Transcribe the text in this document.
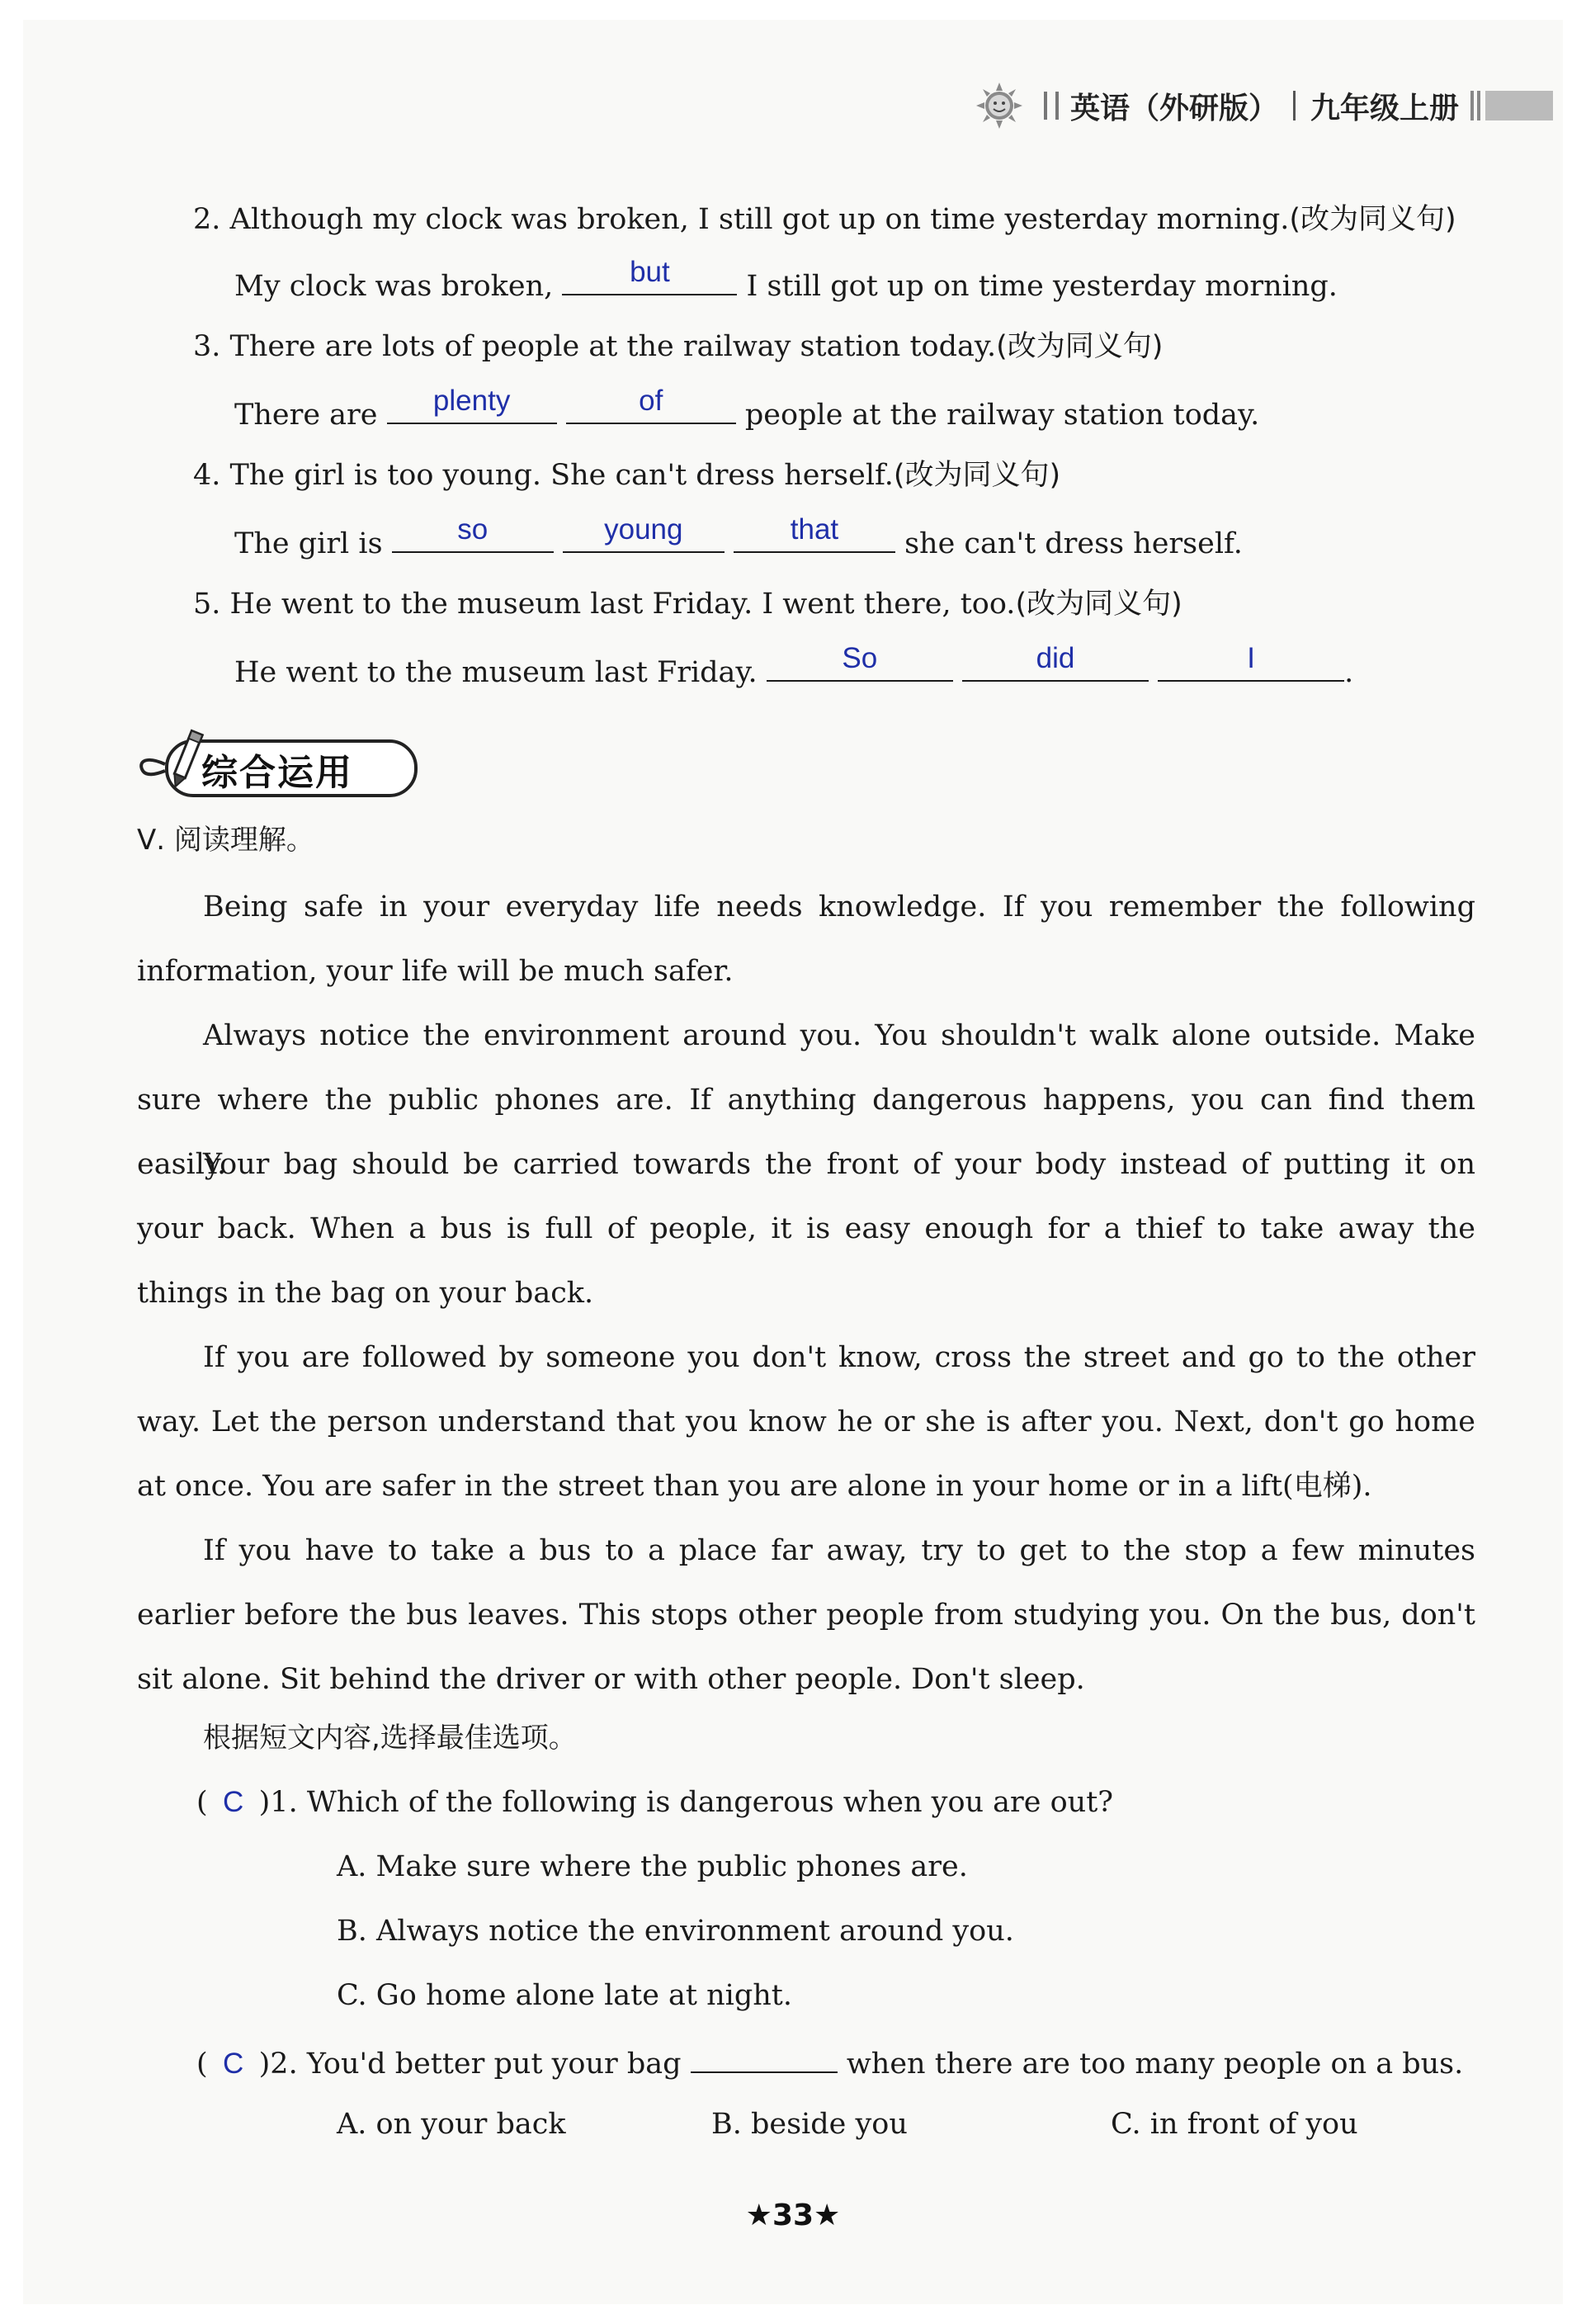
英语（外研版） 九年级上册
2. Although my clock was broken, I still got up on time yesterday morning.(改为同义句)
My clock was broken,	but	I still got up on time yesterday morning.
3. There are lots of people at the railway station today.(改为同义句)
There are	plenty
	of	people at the railway station today.
4. The girl is too young. She can't dress herself.(改为同义句)
The girl is	so
	young
	that	she can't dress herself.
5. He went to the museum last Friday. I went there, too.(改为同义句)
He went to the museum last Friday.	So
	did
	I	.
综合运用
Ⅴ. 阅读理解。
Being safe in your everyday life needs knowledge. If you remember the following information, your life will be much safer.
Always notice the environment around you. You shouldn't walk alone outside. Make sure where the public phones are. If anything dangerous happens, you can find them easily.
Your bag should be carried towards the front of your body instead of putting it on your back. When a bus is full of people, it is easy enough for a thief to take away the things in the bag on your back.
If you are followed by someone you don't know, cross the street and go to the other way. Let the person understand that you know he or she is after you. Next, don't go home at once. You are safer in the street than you are alone in your home or in a lift(电梯).
If you have to take a bus to a place far away, try to get to the stop a few minutes earlier before the bus leaves. This stops other people from studying you. On the bus, don't sit alone. Sit behind the driver or with other people. Don't sleep.
根据短文内容,选择最佳选项。
( C )1. Which of the following is dangerous when you are out?
A. Make sure where the public phones are.
B. Always notice the environment around you.
C. Go home alone late at night.
( C )2. You'd better put your bag	when there are too many people on a bus.
A. on your back	B. beside you	C. in front of you
★33★
